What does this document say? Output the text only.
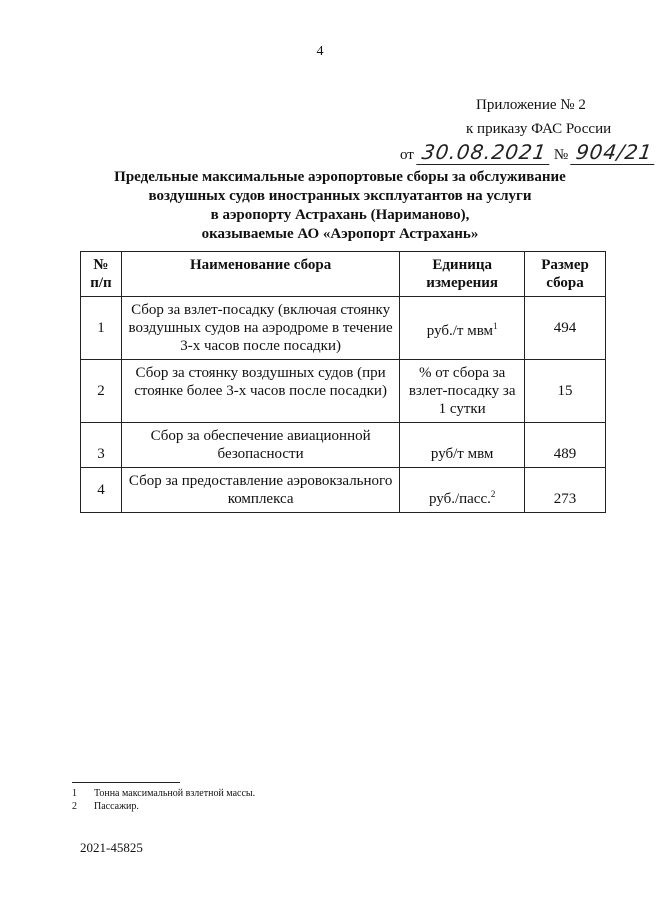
4
Приложение № 2
к приказу ФАС России
от 30.08.2021 № 904/21
Предельные максимальные аэропортовые сборы за обслуживание
воздушных судов иностранных эксплуатантов на услуги
в аэропорту Астрахань (Нариманово),
оказываемые АО «Аэропорт Астрахань»
№ п/п	Наименование сбора	Единица измерения	Размер сбора
1	Сбор за взлет-посадку (включая стоянку воздушных судов на аэродроме в течение 3-х часов после посадки)	руб./т мвм$^1$	494
2	Сбор за стоянку воздушных судов (при стоянке более 3-х часов после посадки)	% от сбора за взлет-посадку за 1 сутки	15
3	Сбор за обеспечение авиационной безопасности	руб/т мвм	489
4	Сбор за предоставление аэровокзального комплекса	руб./пасс.$^2$	273
1 Тонна максимальной взлетной массы.
2 Пассажир.
2021-45825
